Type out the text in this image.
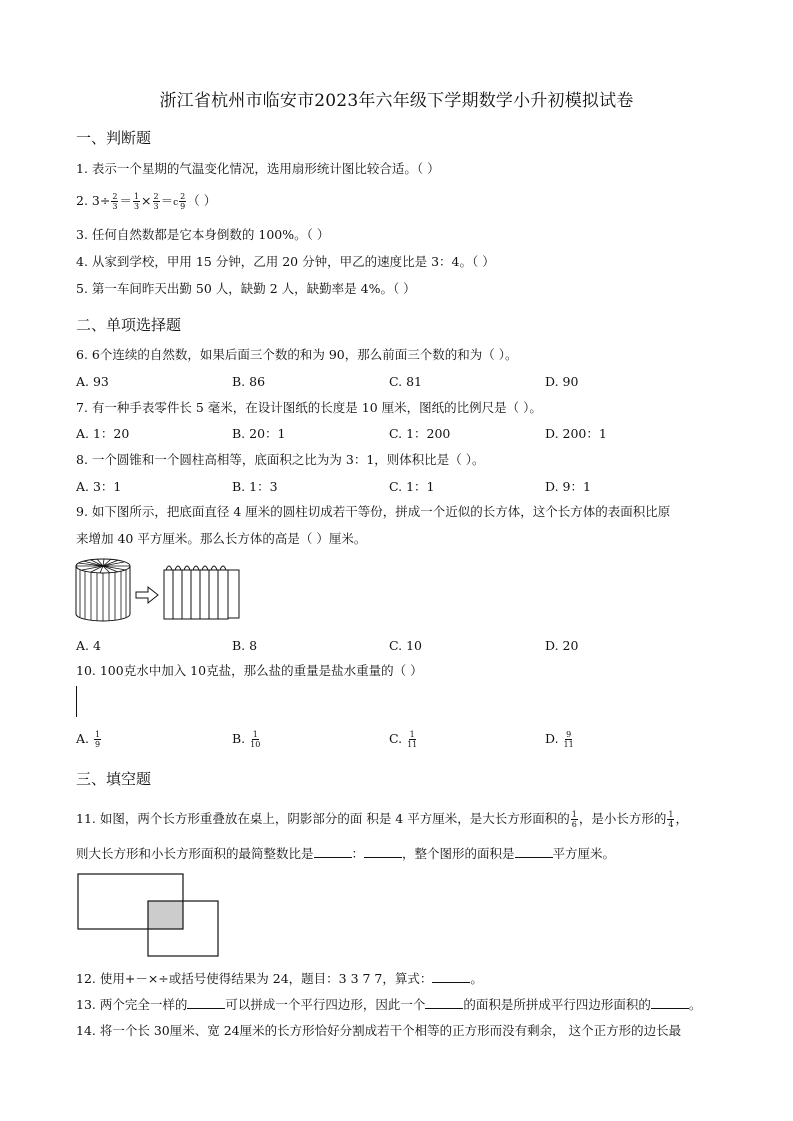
浙江省杭州市临安市2023年六年级下学期数学小升初模拟试卷
一、判断题
1. 表示一个星期的气温变化情况，选用扇形统计图比较合适。（ ）
2. $3\div \frac{2}{3} = \frac{1}{3} \times \frac{2}{3} =c \frac{2}{9}$ （ ）
3. 任何自然数都是它本身倒数的 100%。（ ）
4. 从家到学校，甲用 15 分钟，乙用 20 分钟，甲乙的速度比是 3：4。（ ）
5. 第一车间昨天出勤 50 人，缺勤 2 人，缺勤率是 4%。（ ）
二、单项选择题
6. 6个连续的自然数，如果后面三个数的和为 90，那么前面三个数的和为（ ）。
A. 93	B. 86	C. 81	D. 90
7. 有一种手表零件长 5 毫米，在设计图纸的长度是 10 厘米，图纸的比例尺是（ ）。
A. 1：20	B. 20：1	C. 1：200	D. 200：1
8. 一个圆锥和一个圆柱高相等，底面积之比为为 3：1，则体积比是（ ）。
A. 3：1	B. 1：3	C. 1：1	D. 9：1
9. 如下图所示，把底面直径 4 厘米的圆柱切成若干等份，拼成一个近似的长方体，这个长方体的表面积比原
来增加 40 平方厘米。那么长方体的高是（ ）厘米。
A. 4	B. 8	C. 10	D. 20
10. 100克水中加入 10克盐，那么盐的重量是盐水重量的（ ）
A. $\frac{1}{9}$	B. $\frac{1}{10}$	C. $\frac{1}{11}$	D. $\frac{9}{11}$
三、填空题
11. 如图，两个长方形重叠放在桌上，阴影部分的面 积是 4 平方厘米，是大长方形面积的 $\frac{1}{6}$ ，是小长方形的 $\frac{1}{4}$ ，
则大长方形和小长方形面积的最简整数比是	：	，整个图形的面积是	平方厘米。
12. 使用+－×÷或括号使得结果为 24，题目：3 3 7 7，算式：	。
13. 两个完全一样的	可以拼成一个平行四边形，因此一个	的面积是所拼成平行四边形面积的	。
14. 将一个长 30厘米、宽 24厘米的长方形恰好分割成若干个相等的正方形而没有剩余， 这个正方形的边长最
